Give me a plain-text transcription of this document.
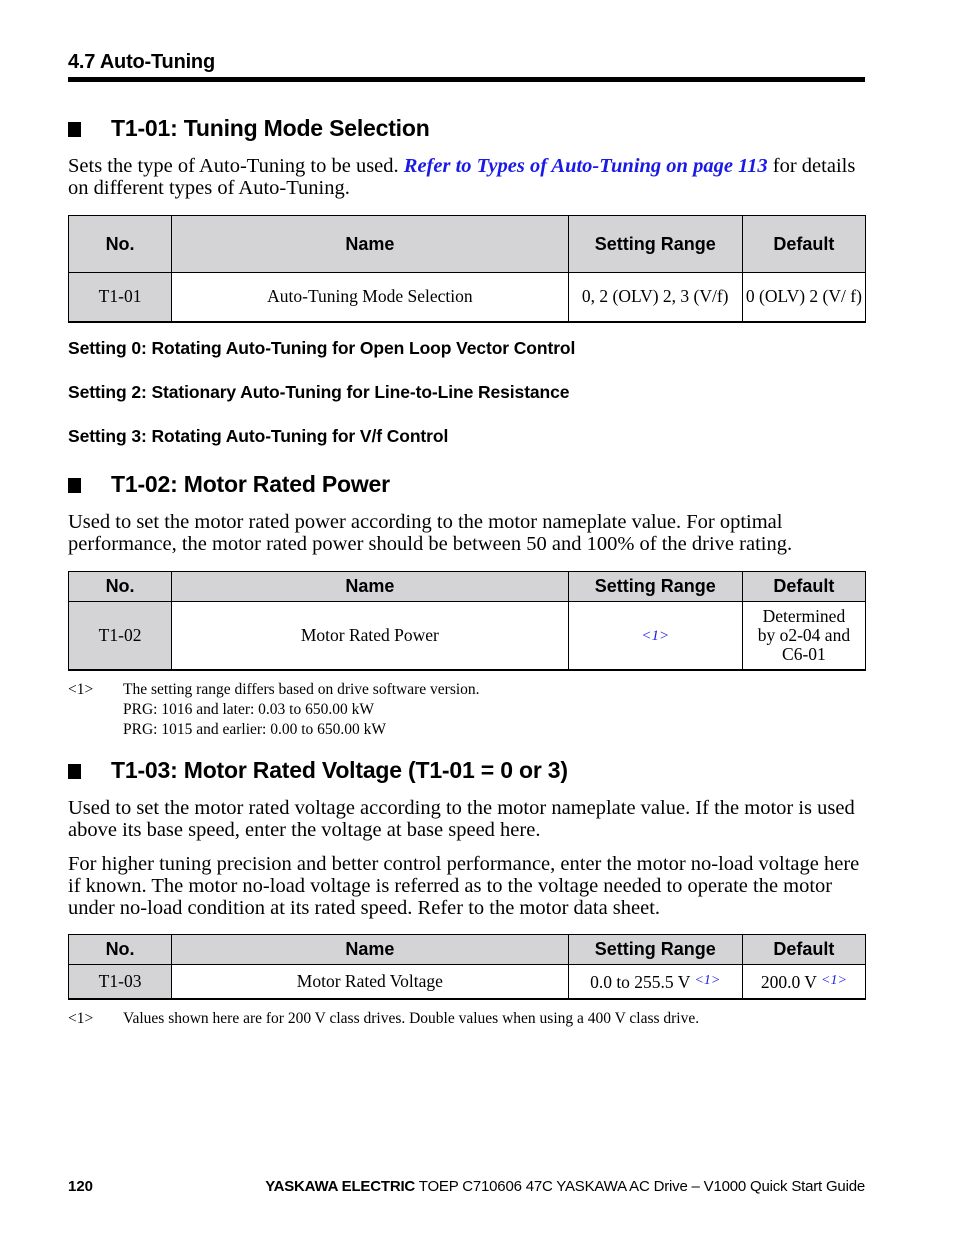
4.7 Auto-Tuning
T1-01: Tuning Mode Selection
Sets the type of Auto-Tuning to be used. Refer to Types of Auto-Tuning on page 113 for details on different types of Auto-Tuning.
No.	Name	Setting Range	Default
T1-01	Auto-Tuning Mode Selection	0, 2 (OLV) 2, 3 (V/f)	0 (OLV) 2 (V/ f)
Setting 0: Rotating Auto-Tuning for Open Loop Vector Control
Setting 2: Stationary Auto-Tuning for Line-to-Line Resistance
Setting 3: Rotating Auto-Tuning for V/f Control
T1-02: Motor Rated Power
Used to set the motor rated power according to the motor nameplate value. For optimal performance, the motor rated power should be between 50 and 100% of the drive rating.
No.	Name	Setting Range	Default
T1-02	Motor Rated Power	<1>	Determined
by o2-04 and
C6-01
<1> The setting range differs based on drive software version.
PRG: 1016 and later: 0.03 to 650.00 kW
PRG: 1015 and earlier: 0.00 to 650.00 kW
T1-03: Motor Rated Voltage (T1-01 = 0 or 3)
Used to set the motor rated voltage according to the motor nameplate value. If the motor is used above its base speed, enter the voltage at base speed here.
For higher tuning precision and better control performance, enter the motor no-load voltage here if known. The motor no-load voltage is referred as to the voltage needed to operate the motor under no-load condition at its rated speed. Refer to the motor data sheet.
No.	Name	Setting Range	Default
T1-03	Motor Rated Voltage	0.0 to 255.5 V $^{<1>}$	200.0 V $^{<1>}$
<1> Values shown here are for 200 V class drives. Double values when using a 400 V class drive.
120	YASKAWA ELECTRIC TOEP C710606 47C YASKAWA AC Drive – V1000 Quick Start Guide
